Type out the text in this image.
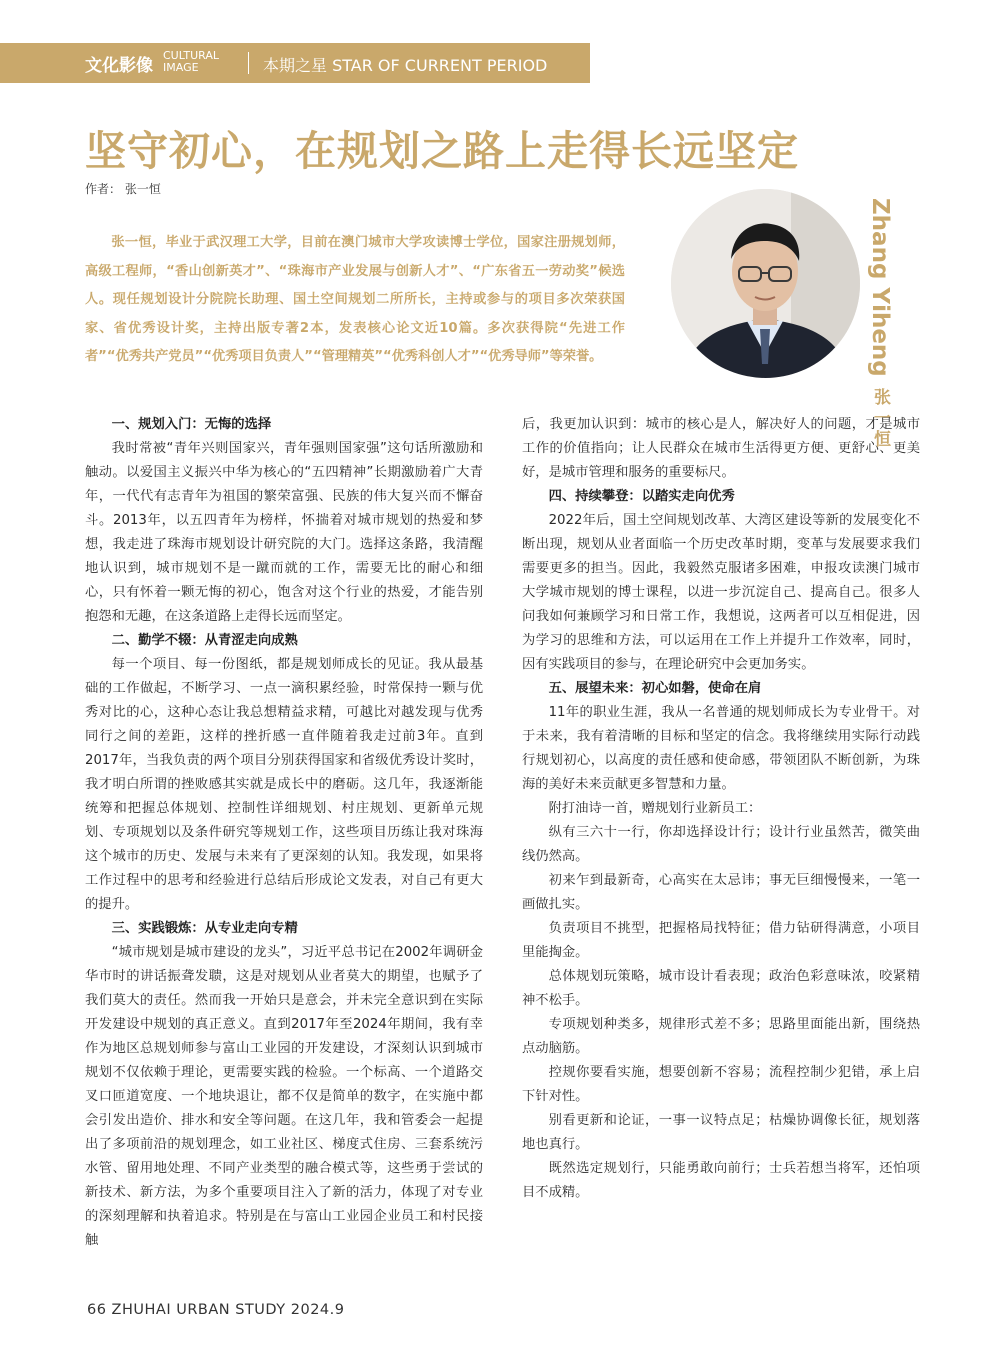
文化影像
CULTURAL IMAGE	本期之星 STAR OF CURRENT PERIOD
坚守初心，在规划之路上走得长远坚定
作者： 张一恒
张一恒，毕业于武汉理工大学，目前在澳门城市大学攻读博士学位，国家注册规划师，高级工程师，“香山创新英才”、“珠海市产业发展与创新人才”、“广东省五一劳动奖”候选人。现任规划设计分院院长助理、国土空间规划二所所长，主持或参与的项目多次荣获国家、省优秀设计奖，主持出版专著2本，发表核心论文近10篇。多次获得院“先进工作者”“优秀共产党员”“优秀项目负责人”“管理精英”“优秀科创人才”“优秀导师”等荣誉。	Zhang Yiheng 张一恒

一、规划入门：无悔的选择

我时常被“青年兴则国家兴，青年强则国家强”这句话所激励和触动。以爱国主义振兴中华为核心的“五四精神”长期激励着广大青年，一代代有志青年为祖国的繁荣富强、民族的伟大复兴而不懈奋斗。2013年，以五四青年为榜样，怀揣着对城市规划的热爱和梦想，我走进了珠海市规划设计研究院的大门。选择这条路，我清醒地认识到，城市规划不是一蹴而就的工作，需要无比的耐心和细心，只有怀着一颗无悔的初心，饱含对这个行业的热爱，才能告别抱怨和无趣，在这条道路上走得长远而坚定。

二、勤学不辍：从青涩走向成熟

每一个项目、每一份图纸，都是规划师成长的见证。我从最基础的工作做起，不断学习、一点一滴积累经验，时常保持一颗与优秀对比的心，这种心态让我总想精益求精，可越比对越发现与优秀同行之间的差距，这样的挫折感一直伴随着我走过前3年。直到2017年，当我负责的两个项目分别获得国家和省级优秀设计奖时，我才明白所谓的挫败感其实就是成长中的磨砺。这几年，我逐渐能统筹和把握总体规划、控制性详细规划、村庄规划、更新单元规划、专项规划以及条件研究等规划工作，这些项目历练让我对珠海这个城市的历史、发展与未来有了更深刻的认知。我发现，如果将工作过程中的思考和经验进行总结后形成论文发表，对自己有更大的提升。

三、实践锻炼：从专业走向专精

“城市规划是城市建设的龙头”，习近平总书记在2002年调研金华市时的讲话振聋发聩，这是对规划从业者莫大的期望，也赋予了我们莫大的责任。然而我一开始只是意会，并未完全意识到在实际开发建设中规划的真正意义。直到2017年至2024年期间，我有幸作为地区总规划师参与富山工业园的开发建设，才深刻认识到城市规划不仅依赖于理论，更需要实践的检验。一个标高、一个道路交叉口匝道宽度、一个地块退让，都不仅是简单的数字，在实施中都会引发出造价、排水和安全等问题。在这几年，我和管委会一起提出了多项前沿的规划理念，如工业社区、梯度式住房、三套系统污水管、留用地处理、不同产业类型的融合模式等，这些勇于尝试的新技术、新方法，为多个重要项目注入了新的活力，体现了对专业的深刻理解和执着追求。特别是在与富山工业园企业员工和村民接触

后，我更加认识到：城市的核心是人，解决好人的问题，才是城市工作的价值指向；让人民群众在城市生活得更方便、更舒心、更美好，是城市管理和服务的重要标尺。

四、持续攀登：以踏实走向优秀

2022年后，国土空间规划改革、大湾区建设等新的发展变化不断出现，规划从业者面临一个历史改革时期，变革与发展要求我们需要更多的担当。因此，我毅然克服诸多困难，申报攻读澳门城市大学城市规划的博士课程，以进一步沉淀自己、提高自己。很多人问我如何兼顾学习和日常工作，我想说，这两者可以互相促进，因为学习的思维和方法，可以运用在工作上并提升工作效率，同时，因有实践项目的参与，在理论研究中会更加务实。

五、展望未来：初心如磐，使命在肩

11年的职业生涯，我从一名普通的规划师成长为专业骨干。对于未来，我有着清晰的目标和坚定的信念。我将继续用实际行动践行规划初心，以高度的责任感和使命感，带领团队不断创新，为珠海的美好未来贡献更多智慧和力量。

附打油诗一首，赠规划行业新员工：

纵有三六十一行，你却选择设计行；设计行业虽然苦，微笑曲线仍然高。

初来乍到最新奇，心高实在太忌讳；事无巨细慢慢来，一笔一画做扎实。

负责项目不挑型，把握格局找特征；借力钻研得满意，小项目里能掏金。

总体规划玩策略，城市设计看表现；政治色彩意味浓，咬紧精神不松手。

专项规划种类多，规律形式差不多；思路里面能出新，围绕热点动脑筋。

控规你要看实施，想要创新不容易；流程控制少犯错，承上启下针对性。

别看更新和论证，一事一议特点足；枯燥协调像长征，规划落地也真行。

既然选定规划行，只能勇敢向前行；士兵若想当将军，还怕项目不成精。

66 ZHUHAI URBAN STUDY 2024.9
